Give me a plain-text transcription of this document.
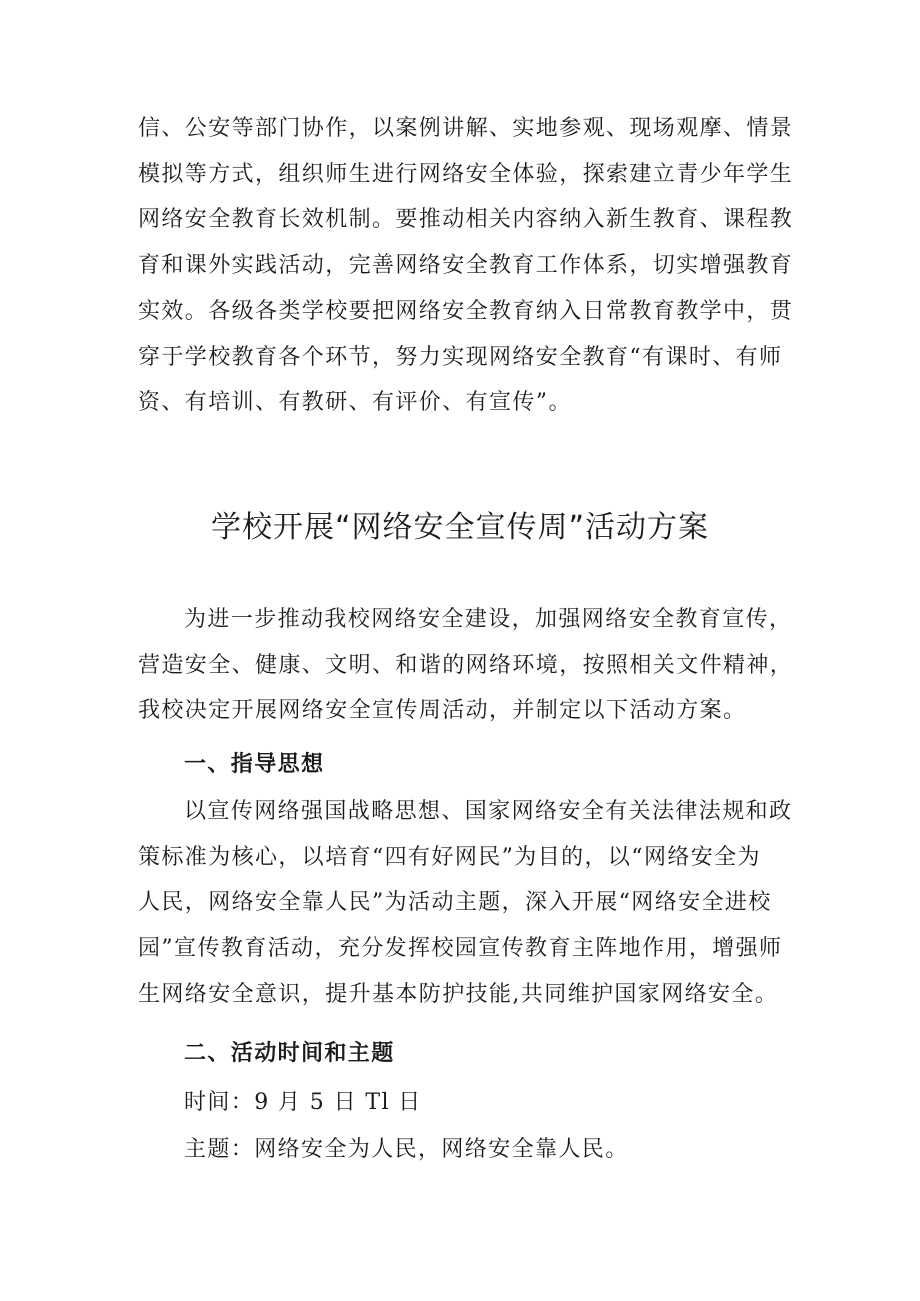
信、公安等部门协作，以案例讲解、实地参观、现场观摩、情景
模拟等方式，组织师生进行网络安全体验，探索建立青少年学生
网络安全教育长效机制。要推动相关内容纳入新生教育、课程教
育和课外实践活动，完善网络安全教育工作体系，切实增强教育
实效。各级各类学校要把网络安全教育纳入日常教育教学中，贯
穿于学校教育各个环节，努力实现网络安全教育“有课时、有师
资、有培训、有教研、有评价、有宣传”。
学校开展“网络安全宣传周”活动方案
为进一步推动我校网络安全建设，加强网络安全教育宣传，
营造安全、健康、文明、和谐的网络环境，按照相关文件精神，
我校决定开展网络安全宣传周活动，并制定以下活动方案。
一、指导思想
以宣传网络强国战略思想、国家网络安全有关法律法规和政
策标准为核心，以培育“四有好网民”为目的，以“网络安全为
人民，网络安全靠人民”为活动主题，深入开展“网络安全进校
园”宣传教育活动，充分发挥校园宣传教育主阵地作用，增强师
生网络安全意识，提升基本防护技能,共同维护国家网络安全。
二、活动时间和主题

时间：9 月 5 日 Tl 日

主题：网络安全为人民，网络安全靠人民。
